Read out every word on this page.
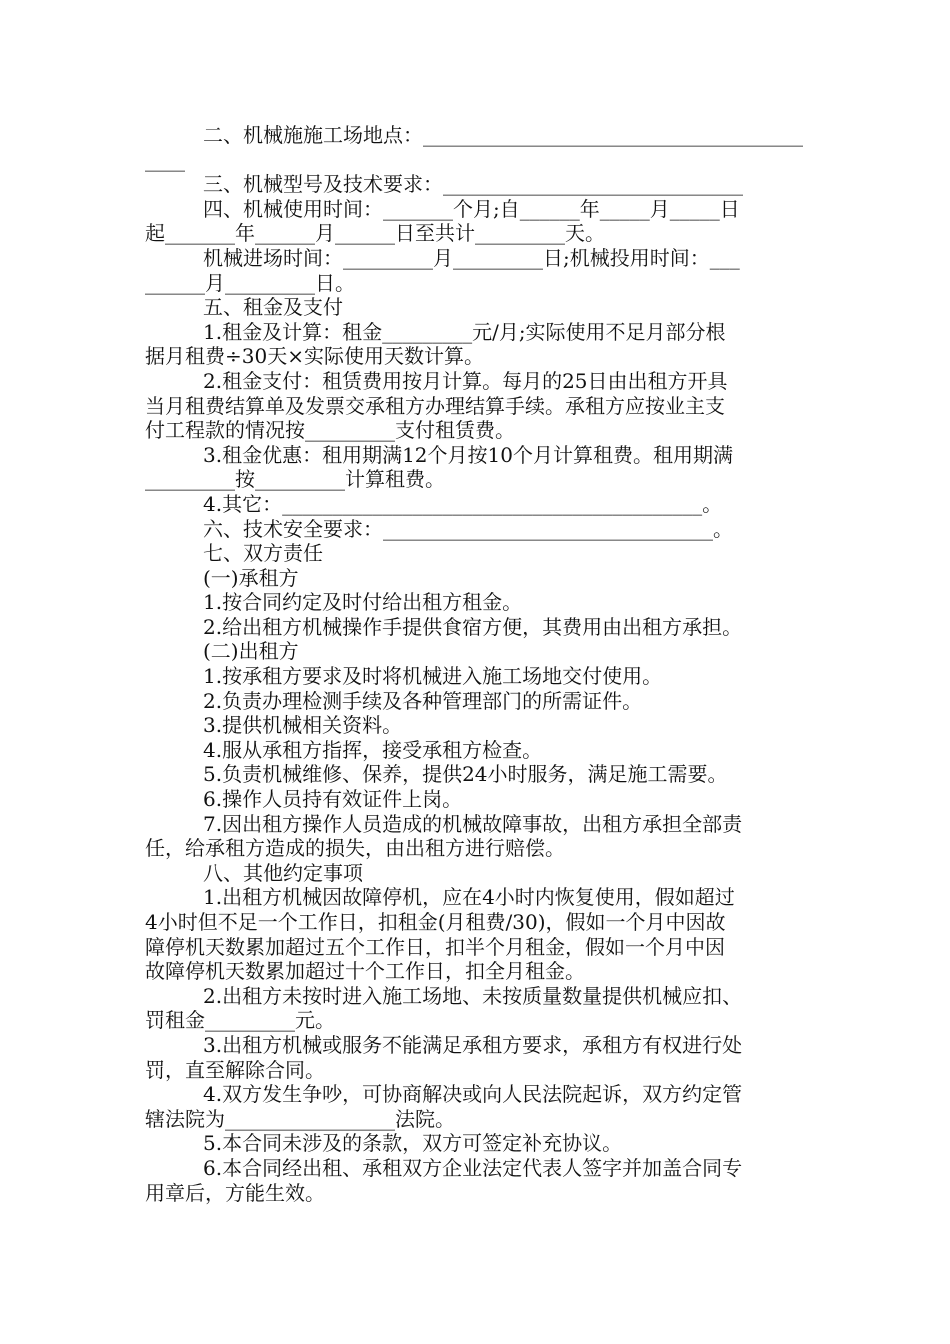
二、机械施施工场地点：______________________________________

____

三、机械型号及技术要求：______________________________

四、机械使用时间：_______个月;自______年_____月_____日

起_______年______月______日至共计_________天。

机械进场时间：_________月_________日;机械投用时间：___

______月_________日。

五、租金及支付

1.租金及计算：租金_________元/月;实际使用不足月部分根

据月租费÷30天×实际使用天数计算。

2.租金支付：租赁费用按月计算。每月的25日由出租方开具

当月租费结算单及发票交承租方办理结算手续。承租方应按业主支

付工程款的情况按_________支付租赁费。

3.租金优惠：租用期满12个月按10个月计算租费。租用期满

_________按_________计算租费。

4.其它：__________________________________________。

六、技术安全要求：_________________________________。

七、双方责任

(一)承租方

1.按合同约定及时付给出租方租金。

2.给出租方机械操作手提供食宿方便，其费用由出租方承担。

(二)出租方

1.按承租方要求及时将机械进入施工场地交付使用。

2.负责办理检测手续及各种管理部门的所需证件。

3.提供机械相关资料。

4.服从承租方指挥，接受承租方检查。

5.负责机械维修、保养，提供24小时服务，满足施工需要。

6.操作人员持有效证件上岗。

7.因出租方操作人员造成的机械故障事故，出租方承担全部责

任，给承租方造成的损失，由出租方进行赔偿。

八、其他约定事项

1.出租方机械因故障停机，应在4小时内恢复使用，假如超过

4小时但不足一个工作日，扣租金(月租费/30)，假如一个月中因故

障停机天数累加超过五个工作日，扣半个月租金，假如一个月中因

故障停机天数累加超过十个工作日，扣全月租金。

2.出租方未按时进入施工场地、未按质量数量提供机械应扣、

罚租金_________元。

3.出租方机械或服务不能满足承租方要求，承租方有权进行处

罚，直至解除合同。

4.双方发生争吵，可协商解决或向人民法院起诉，双方约定管

辖法院为_________________法院。

5.本合同未涉及的条款，双方可签定补充协议。

6.本合同经出租、承租双方企业法定代表人签字并加盖合同专

用章后，方能生效。
